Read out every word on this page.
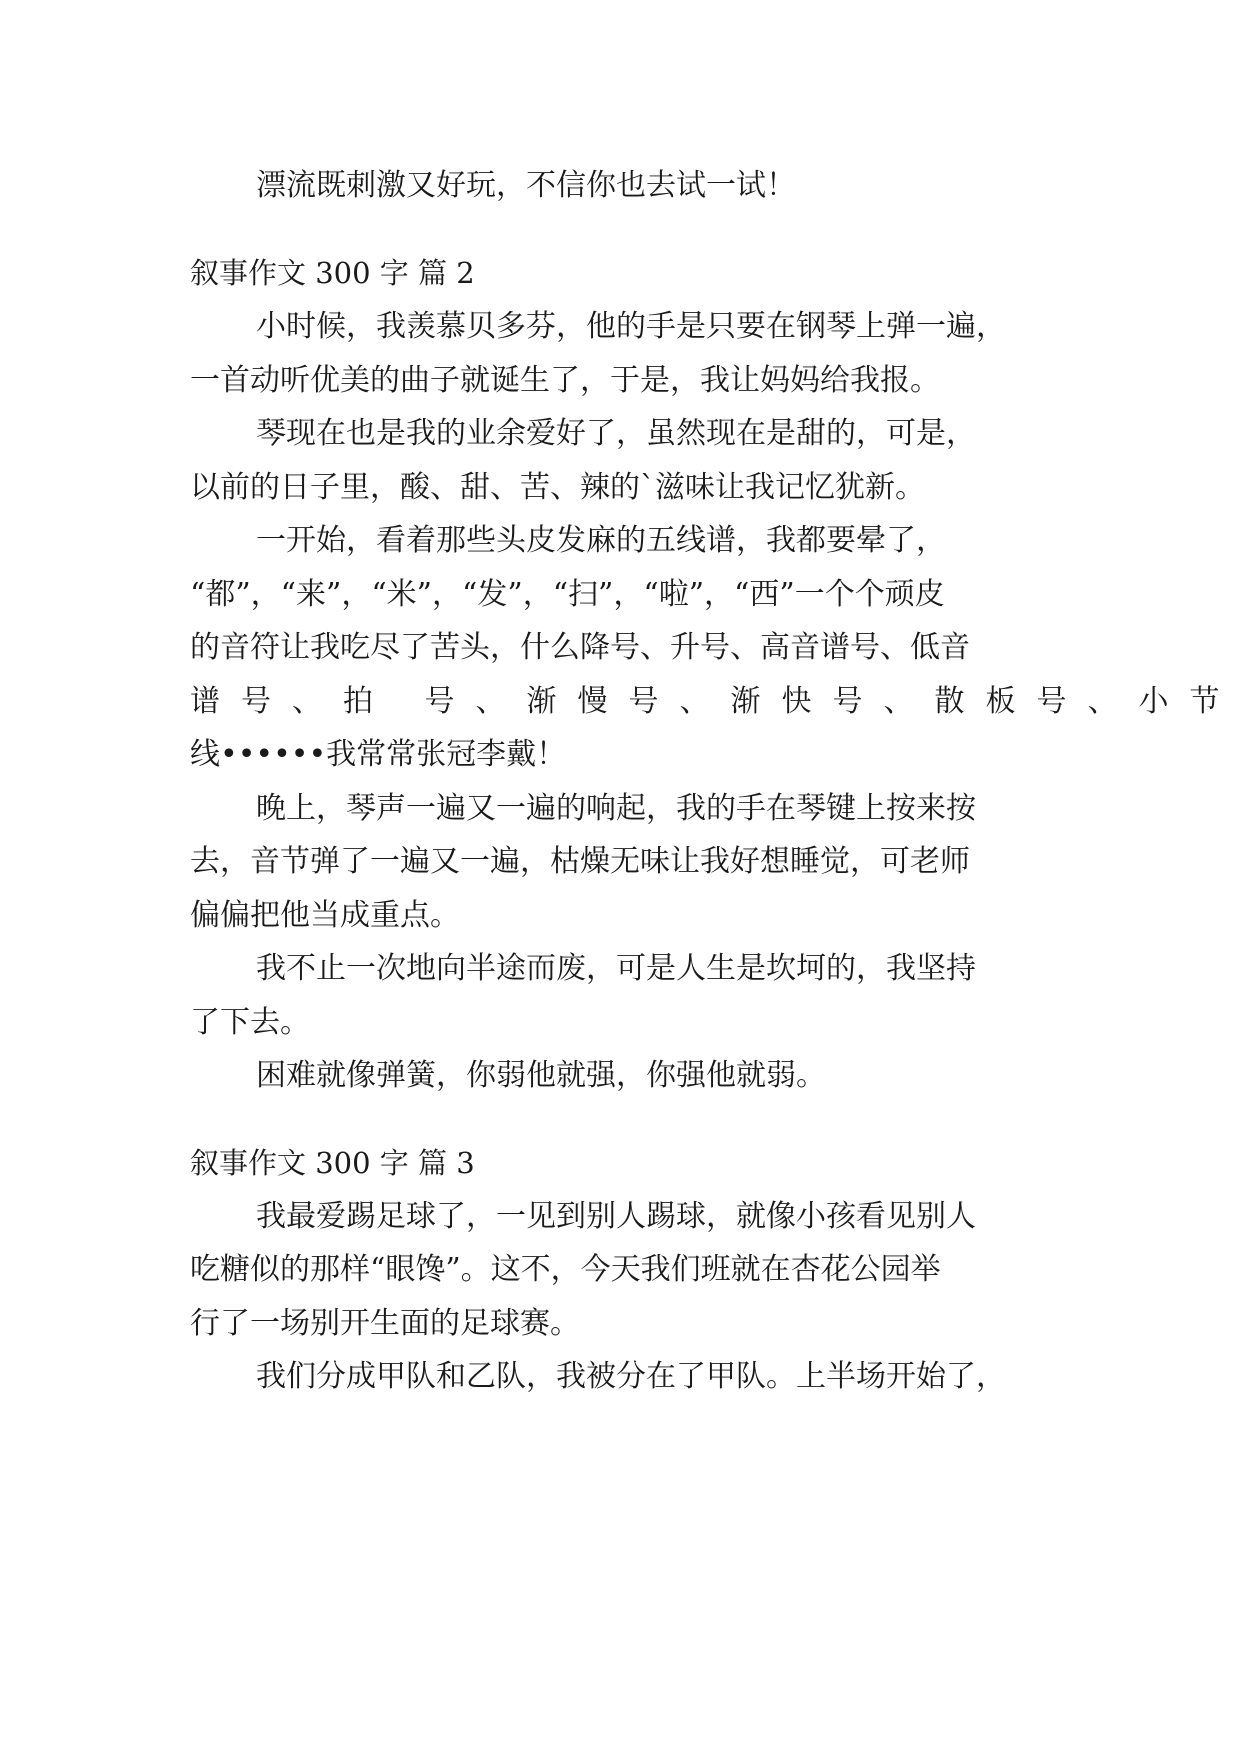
漂流既刺激又好玩，不信你也去试一试！
叙事作文 300 字 篇 2
小时候，我羡慕贝多芬，他的手是只要在钢琴上弹一遍，
一首动听优美的曲子就诞生了，于是，我让妈妈给我报。
琴现在也是我的业余爱好了，虽然现在是甜的，可是，
以前的日子里，酸、甜、苦、辣的`滋味让我记忆犹新。
一开始，看着那些头皮发麻的五线谱，我都要晕了，
“都”，“来”，“米”，“发”，“扫”，“啦”，“西”一个个顽皮
的音符让我吃尽了苦头，什么降号、升号、高音谱号、低音
谱号、拍 号、渐慢号、渐快号、散板号、小节
线••••••我常常张冠李戴！
晚上，琴声一遍又一遍的响起，我的手在琴键上按来按
去，音节弹了一遍又一遍，枯燥无味让我好想睡觉，可老师
偏偏把他当成重点。
我不止一次地向半途而废，可是人生是坎坷的，我坚持
了下去。
困难就像弹簧，你弱他就强，你强他就弱。
叙事作文 300 字 篇 3
我最爱踢足球了，一见到别人踢球，就像小孩看见别人
吃糖似的那样“眼馋”。这不，今天我们班就在杏花公园举
行了一场别开生面的足球赛。
我们分成甲队和乙队，我被分在了甲队。上半场开始了，
